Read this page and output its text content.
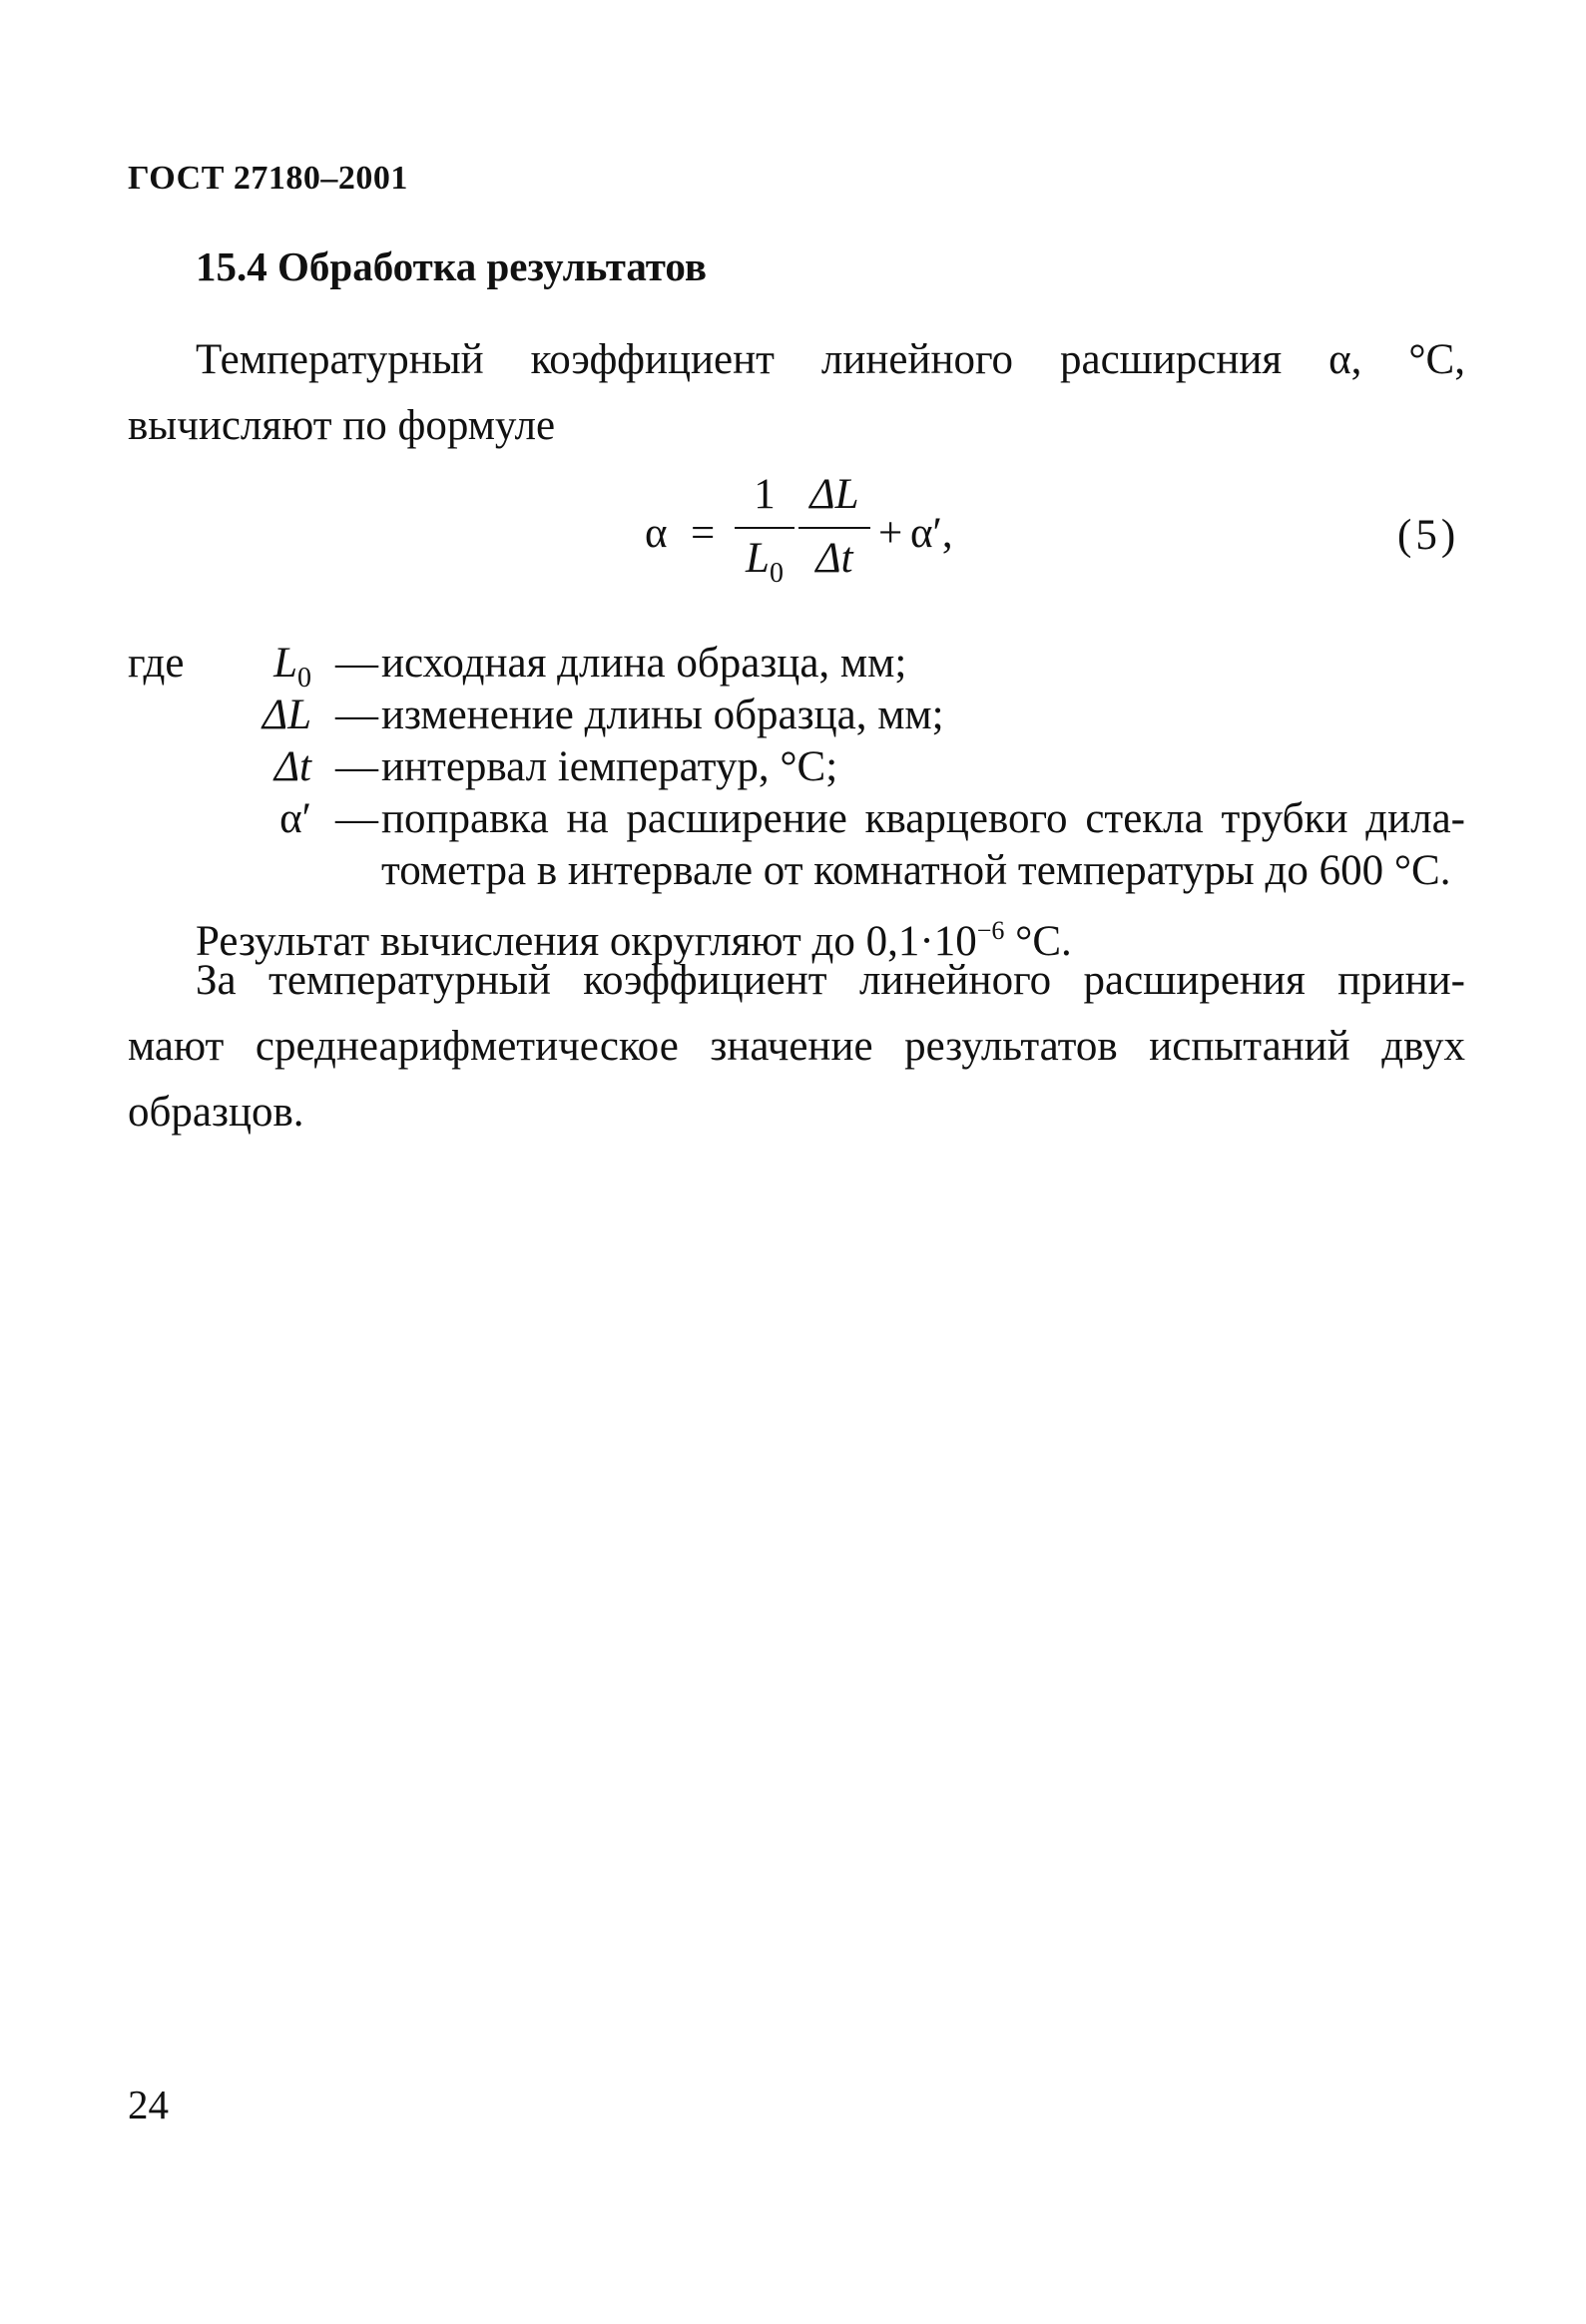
ГОСТ 27180–2001
15.4 Обработка результатов
Температурный коэффициент линейного расширсния α, °С,
вычисляют по формуле
α =
1
$L_0$
ΔL
Δt
+ α′,	(5)
где	$L_0$ — исходная длина образца, мм;
ΔL — изменение длины образца, мм;
Δt — интервал іемператур, °С;
α′ — поправка на расширение кварцевого стекла трубки дила-
тометра в интервале от комнатной температуры до 600 °С.
Результат вычисления округляют до $0,1\cdot 10^{-6}$ °С.
За температурный коэффициент линейного расширения прини-
мают среднеарифметическое значение результатов испытаний двух
образцов.
24
